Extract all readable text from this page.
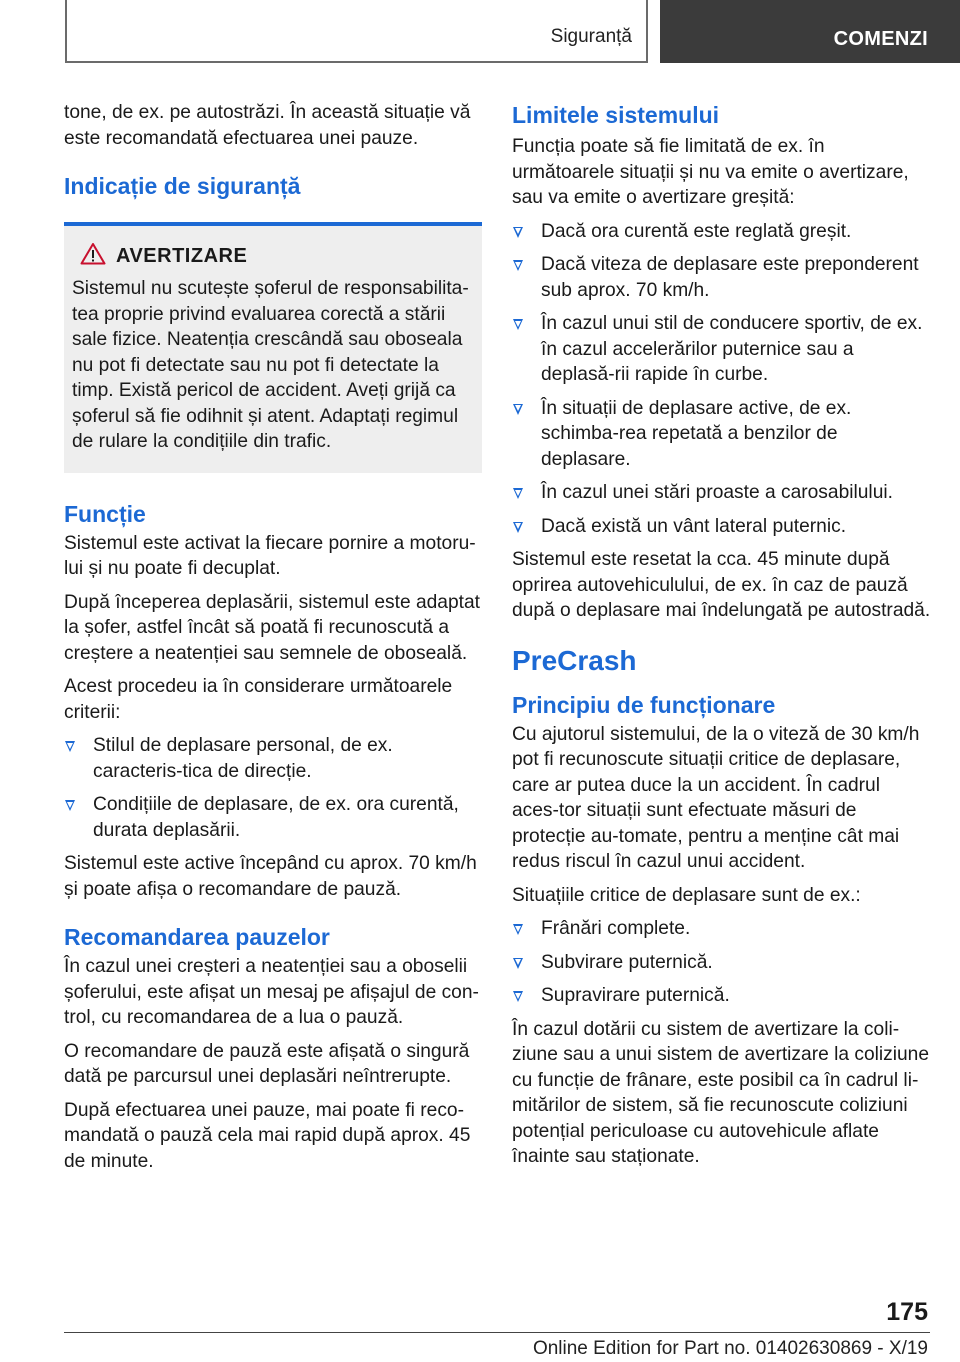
Siguranță	COMENZI

tone, de ex. pe autostrăzi. În această situație vă este recomandată efectuarea unei pauze.

Indicație de siguranță
AVERTIZARE

Sistemul nu scutește șoferul de responsabilita-tea proprie privind evaluarea corectă a stării sale fizice. Neatenția crescândă sau oboseala nu pot fi detectate sau nu pot fi detectate la timp. Există pericol de accident. Aveți grijă ca șoferul să fie odihnit și atent. Adaptați regimul de rulare la condițiile din trafic.

Funcție

Sistemul este activat la fiecare pornire a motoru-lui și nu poate fi decuplat.

După începerea deplasării, sistemul este adaptat la șofer, astfel încât să poată fi recunoscută a creștere a neatenției sau semnele de oboseală.

Acest procedeu ia în considerare următoarele criterii:

Stilul de deplasare personal, de ex. caracteris-tica de direcție.
Condițiile de deplasare, de ex. ora curentă, durata deplasării.

Sistemul este active începând cu aprox. 70 km/h și poate afișa o recomandare de pauză.

Recomandarea pauzelor

În cazul unei creșteri a neatenției sau a oboselii șoferului, este afișat un mesaj pe afișajul de con-trol, cu recomandarea de a lua o pauză.

O recomandare de pauză este afișată o singură dată pe parcursul unei deplasări neîntrerupte.

După efectuarea unei pauze, mai poate fi reco-mandată o pauză cela mai rapid după aprox. 45 de minute.

Limitele sistemului

Funcția poate să fie limitată de ex. în următoarele situații și nu va emite o avertizare, sau va emite o avertizare greșită:

Dacă ora curentă este reglată greșit.
Dacă viteza de deplasare este preponderent sub aprox. 70 km/h.
În cazul unui stil de conducere sportiv, de ex. în cazul accelerărilor puternice sau a deplasă-rii rapide în curbe.
În situații de deplasare active, de ex. schimba-rea repetată a benzilor de deplasare.
În cazul unei stări proaste a carosabilului.
Dacă există un vânt lateral puternic.

Sistemul este resetat la cca. 45 minute după oprirea autovehiculului, de ex. în caz de pauză după o deplasare mai îndelungată pe autostradă.

PreCrash
Principiu de funcționare

Cu ajutorul sistemului, de la o viteză de 30 km/h pot fi recunoscute situații critice de deplasare, care ar putea duce la un accident. În cadrul aces-tor situații sunt efectuate măsuri de protecție au-tomate, pentru a menține cât mai redus riscul în cazul unui accident.

Situațiile critice de deplasare sunt de ex.:

Frânări complete.
Subvirare puternică.
Supravirare puternică.

În cazul dotării cu sistem de avertizare la coli-ziune sau a unui sistem de avertizare la coliziune cu funcție de frânare, este posibil ca în cadrul li-mitărilor de sistem, să fie recunoscute coliziuni potențial periculoase cu autovehicule aflate înainte sau staționate.

175
Online Edition for Part no. 01402630869 - X/19
